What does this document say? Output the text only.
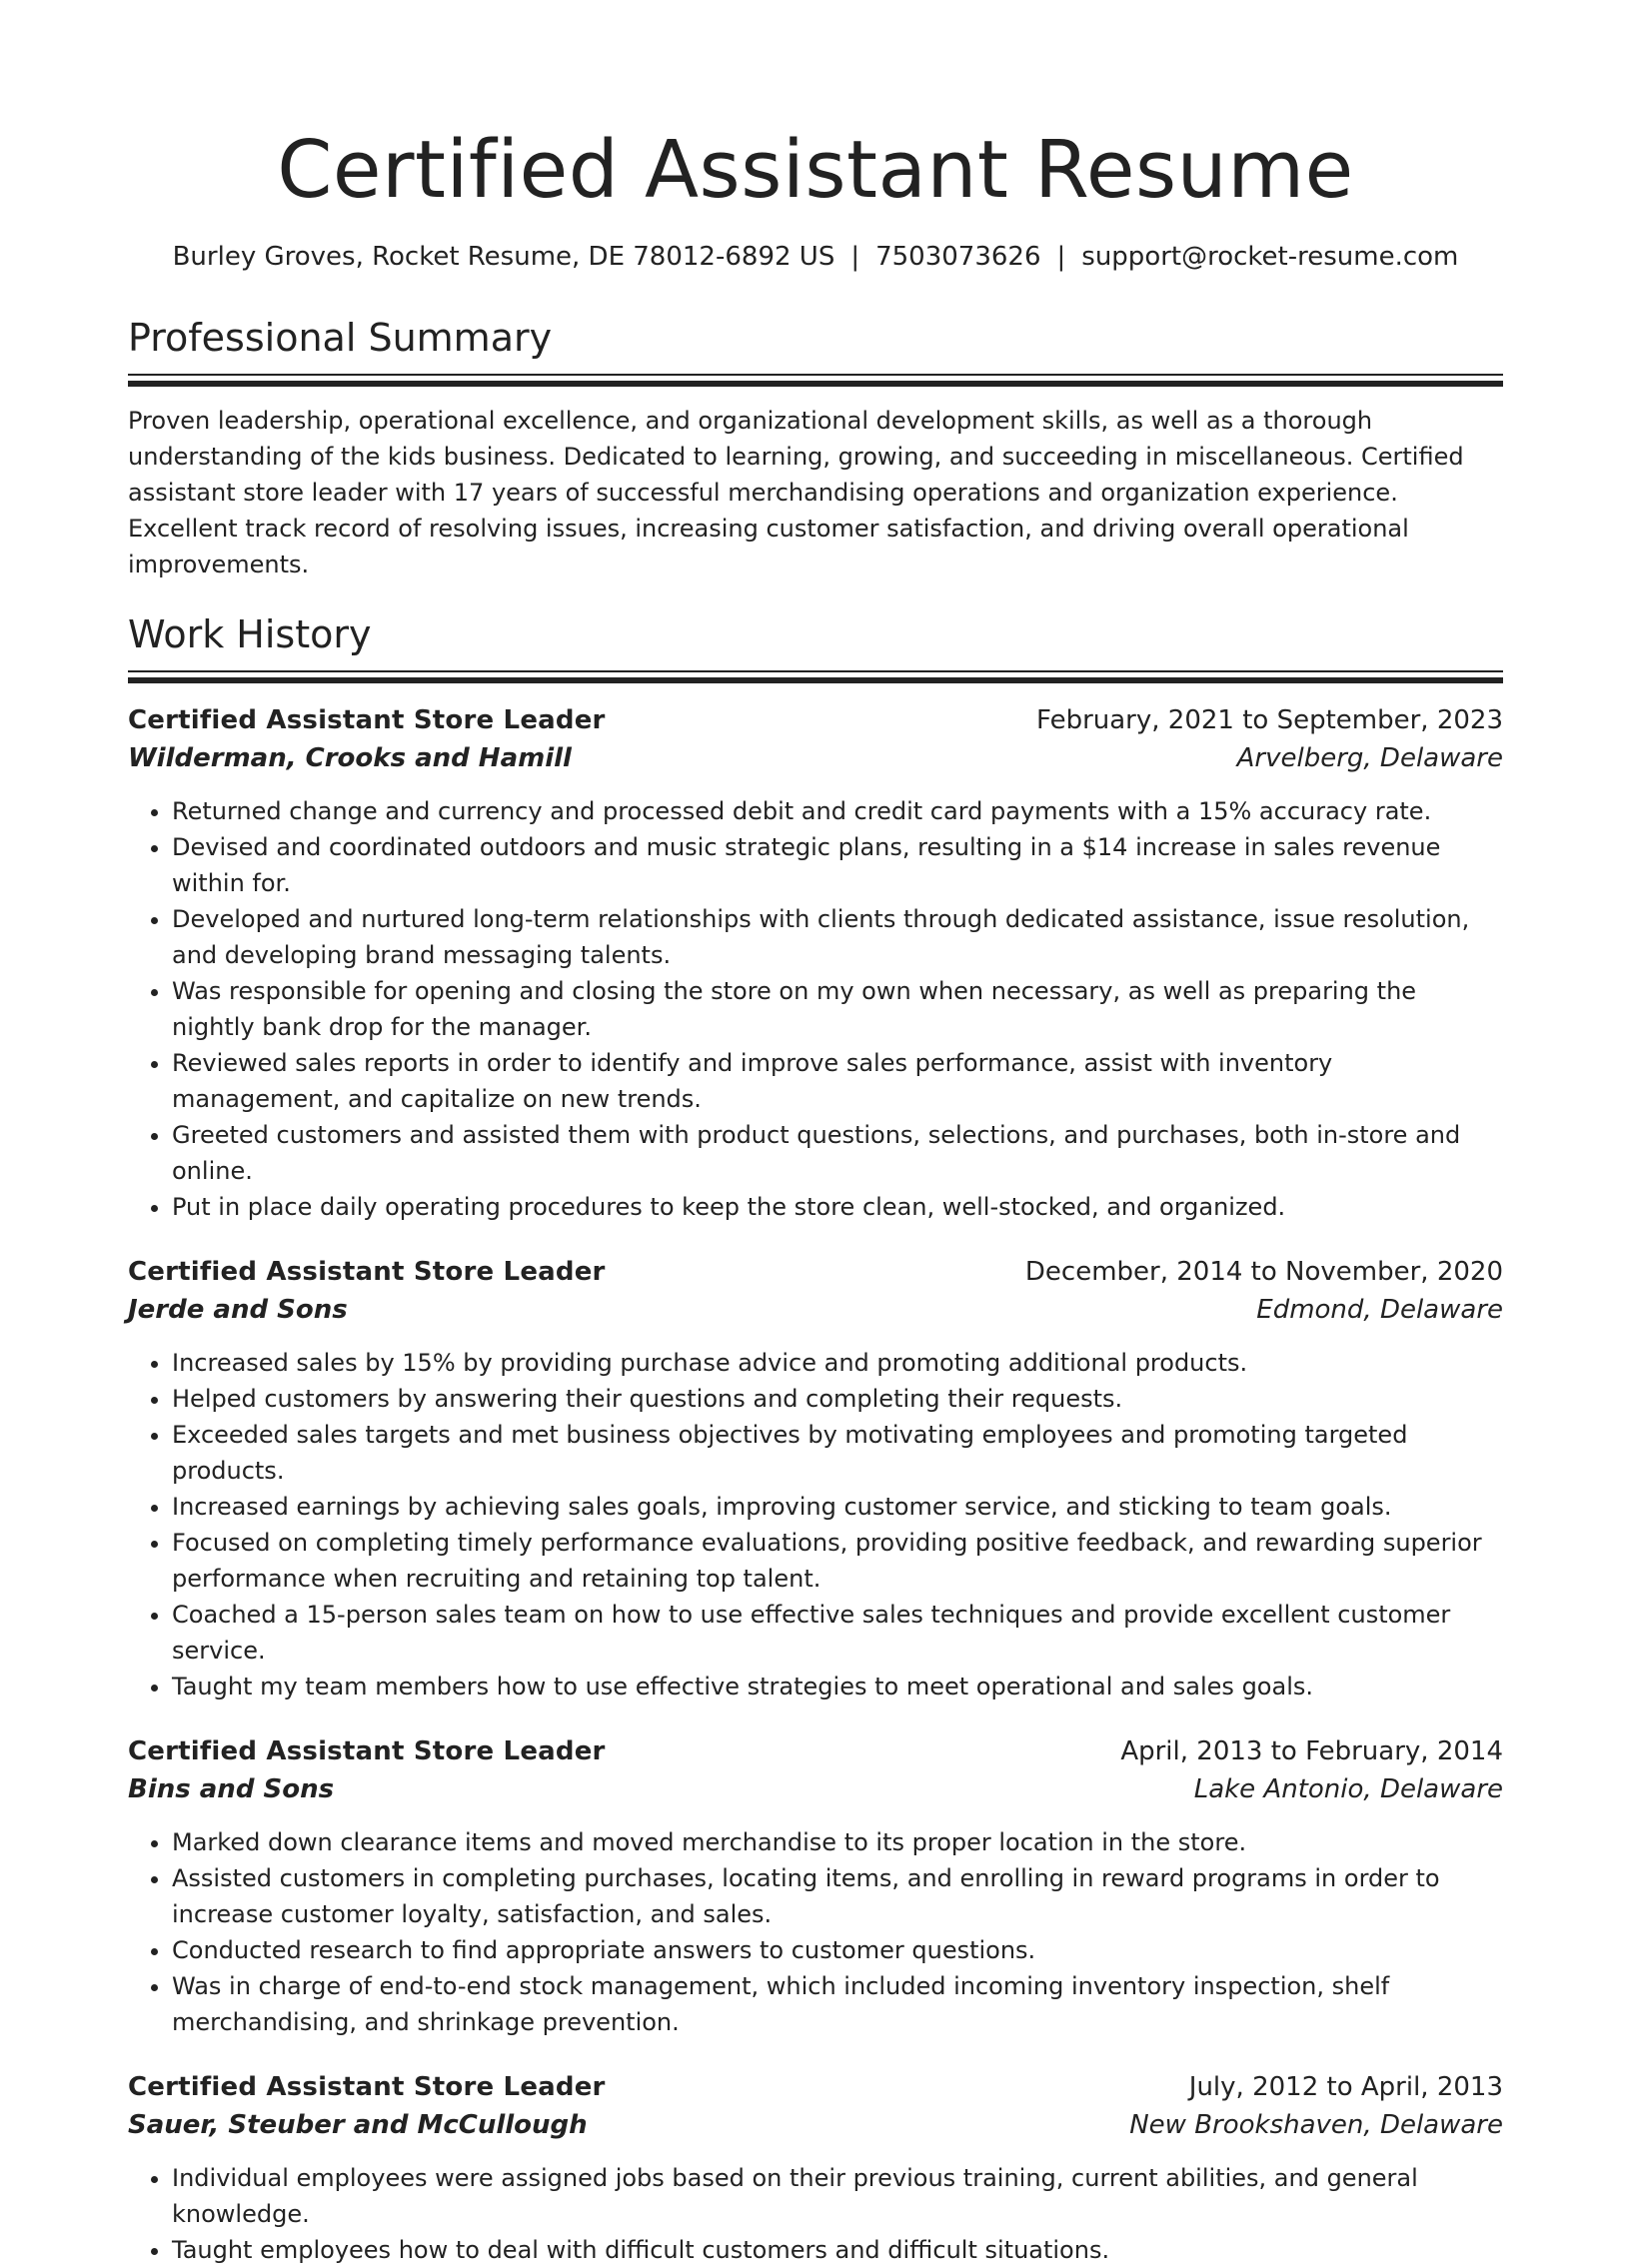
Certified Assistant Resume
Burley Groves, Rocket Resume, DE 78012-6892 US | 7503073626 | support@rocket-resume.com
Professional Summary
Proven leadership, operational excellence, and organizational development skills, as well as a thorough understanding of the kids business. Dedicated to learning, growing, and succeeding in miscellaneous. Certified assistant store leader with 17 years of successful merchandising operations and organization experience. Excellent track record of resolving issues, increasing customer satisfaction, and driving overall operational improvements.
Work History
Certified Assistant Store Leader	February, 2021 to September, 2023
Wilderman, Crooks and Hamill	Arvelberg, Delaware
• Returned change and currency and processed debit and credit card payments with a 15% accuracy rate.
• Devised and coordinated outdoors and music strategic plans, resulting in a $14 increase in sales revenue within for.
• Developed and nurtured long-term relationships with clients through dedicated assistance, issue resolution, and developing brand messaging talents.
• Was responsible for opening and closing the store on my own when necessary, as well as preparing the nightly bank drop for the manager.
• Reviewed sales reports in order to identify and improve sales performance, assist with inventory management, and capitalize on new trends.
• Greeted customers and assisted them with product questions, selections, and purchases, both in-store and online.
• Put in place daily operating procedures to keep the store clean, well-stocked, and organized.
Certified Assistant Store Leader	December, 2014 to November, 2020
Jerde and Sons	Edmond, Delaware
• Increased sales by 15% by providing purchase advice and promoting additional products.
• Helped customers by answering their questions and completing their requests.
• Exceeded sales targets and met business objectives by motivating employees and promoting targeted products.
• Increased earnings by achieving sales goals, improving customer service, and sticking to team goals.
• Focused on completing timely performance evaluations, providing positive feedback, and rewarding superior performance when recruiting and retaining top talent.
• Coached a 15-person sales team on how to use effective sales techniques and provide excellent customer service.
• Taught my team members how to use effective strategies to meet operational and sales goals.
Certified Assistant Store Leader	April, 2013 to February, 2014
Bins and Sons	Lake Antonio, Delaware
• Marked down clearance items and moved merchandise to its proper location in the store.
• Assisted customers in completing purchases, locating items, and enrolling in reward programs in order to increase customer loyalty, satisfaction, and sales.
• Conducted research to find appropriate answers to customer questions.
• Was in charge of end-to-end stock management, which included incoming inventory inspection, shelf merchandising, and shrinkage prevention.
Certified Assistant Store Leader	July, 2012 to April, 2013
Sauer, Steuber and McCullough	New Brookshaven, Delaware
• Individual employees were assigned jobs based on their previous training, current abilities, and general knowledge.
• Taught employees how to deal with difficult customers and difficult situations.
